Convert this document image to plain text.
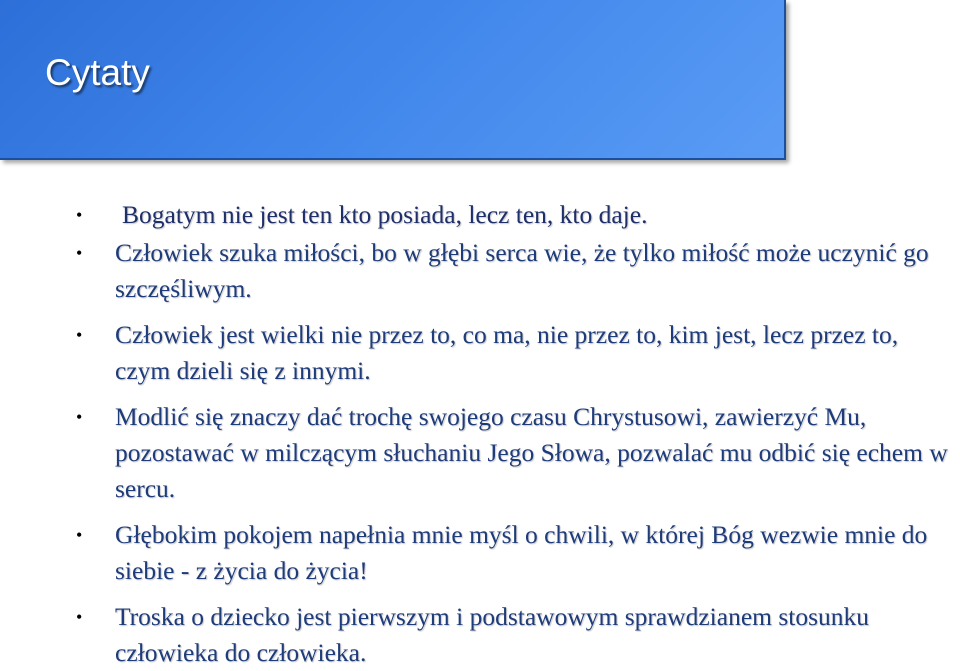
Cytaty
• Bogatym nie jest ten kto posiada, lecz ten, kto daje.
• Człowiek szuka miłości, bo w głębi serca wie, że tylko miłość może uczynić go szczęśliwym.
• Człowiek jest wielki nie przez to, co ma, nie przez to, kim jest, lecz przez to, czym dzieli się z innymi.
• Modlić się znaczy dać trochę swojego czasu Chrystusowi, zawierzyć Mu, pozostawać w milczącym słuchaniu Jego Słowa, pozwalać mu odbić się echem w sercu.
• Głębokim pokojem napełnia mnie myśl o chwili, w której Bóg wezwie mnie do siebie - z życia do życia!
• Troska o dziecko jest pierwszym i podstawowym sprawdzianem stosunku człowieka do człowieka.
